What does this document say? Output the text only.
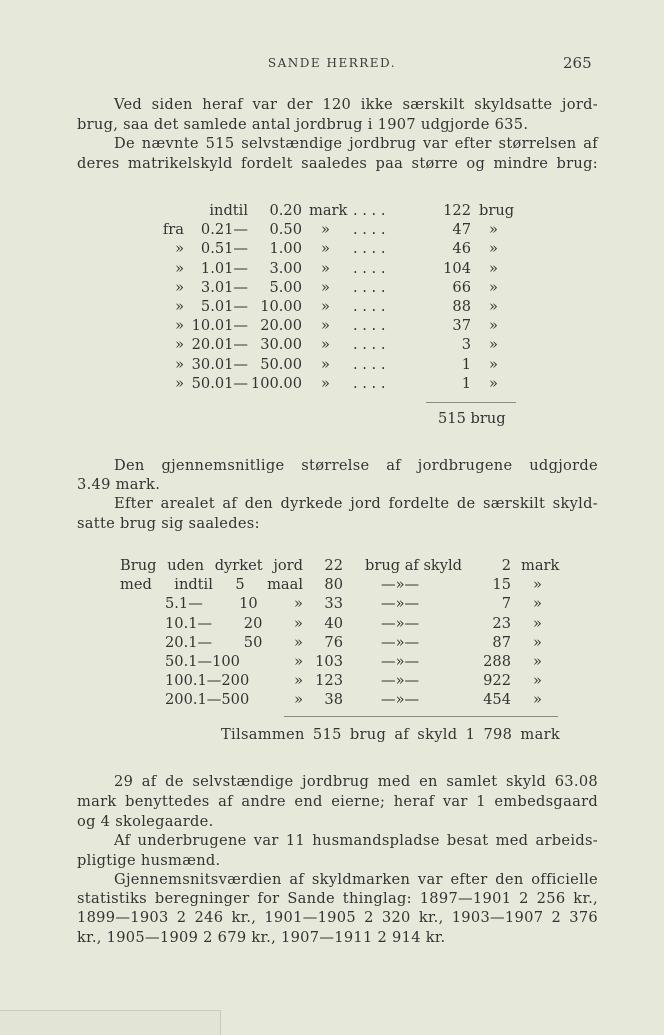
SANDE HERRED.	265
Ved siden heraf var der 120 ikke særskilt skyldsatte jord-
brug, saa det samlede antal jordbrug i 1907 udgjorde 635.
De nævnte 515 selvstændige jordbrug var efter størrelsen af
deres matrikelskyld fordelt saaledes paa større og mindre brug:
indtil 0.20 mark . . . .	122 brug
fra 0.21— 0.50 » . . . .	47 »
» 0.51— 1.00 » . . . .	46 »
» 1.01— 3.00 » . . . .	104 »
» 3.01— 5.00 » . . . .	66 »
» 5.01— 10.00 » . . . .	88 »
» 10.01— 20.00 » . . . .	37 »
» 20.01— 30.00 » . . . .	3 »
» 30.01— 50.00 » . . . .	1 »
» 50.01— 100.00 » . . . .	1 »
515 brug
Den gjennemsnitlige størrelse af jordbrugene udgjorde
3.49 mark.
Efter arealet af den dyrkede jord fordelte de særskilt skyld-
satte brug sig saaledes:
Brug uden dyrket jord 22 brug af skyld	2 mark
med indtil 5 maal 80	—»—	15 »
5.1— 10 » 33	—»—	7 »
10.1— 20 » 40	—»—	23 »
20.1— 50 » 76	—»—	87 »
50.1—100 » 103	—»—	288 »
100.1—200 » 123	—»—	922 »
200.1—500 » 38	—»—	454 »
Tilsammen 515 brug af skyld 1 798 mark
29 af de selvstændige jordbrug med en samlet skyld 63.08
mark benyttedes af andre end eierne; heraf var 1 embedsgaard
og 4 skolegaarde.
Af underbrugene var 11 husmandspladse besat med arbeids-
pligtige husmænd.
Gjennemsnitsværdien af skyldmarken var efter den officielle
statistiks beregninger for Sande thinglag: 1897—1901 2 256 kr.,
1899—1903 2 246 kr., 1901—1905 2 320 kr., 1903—1907 2 376
kr., 1905—1909 2 679 kr., 1907—1911 2 914 kr.
